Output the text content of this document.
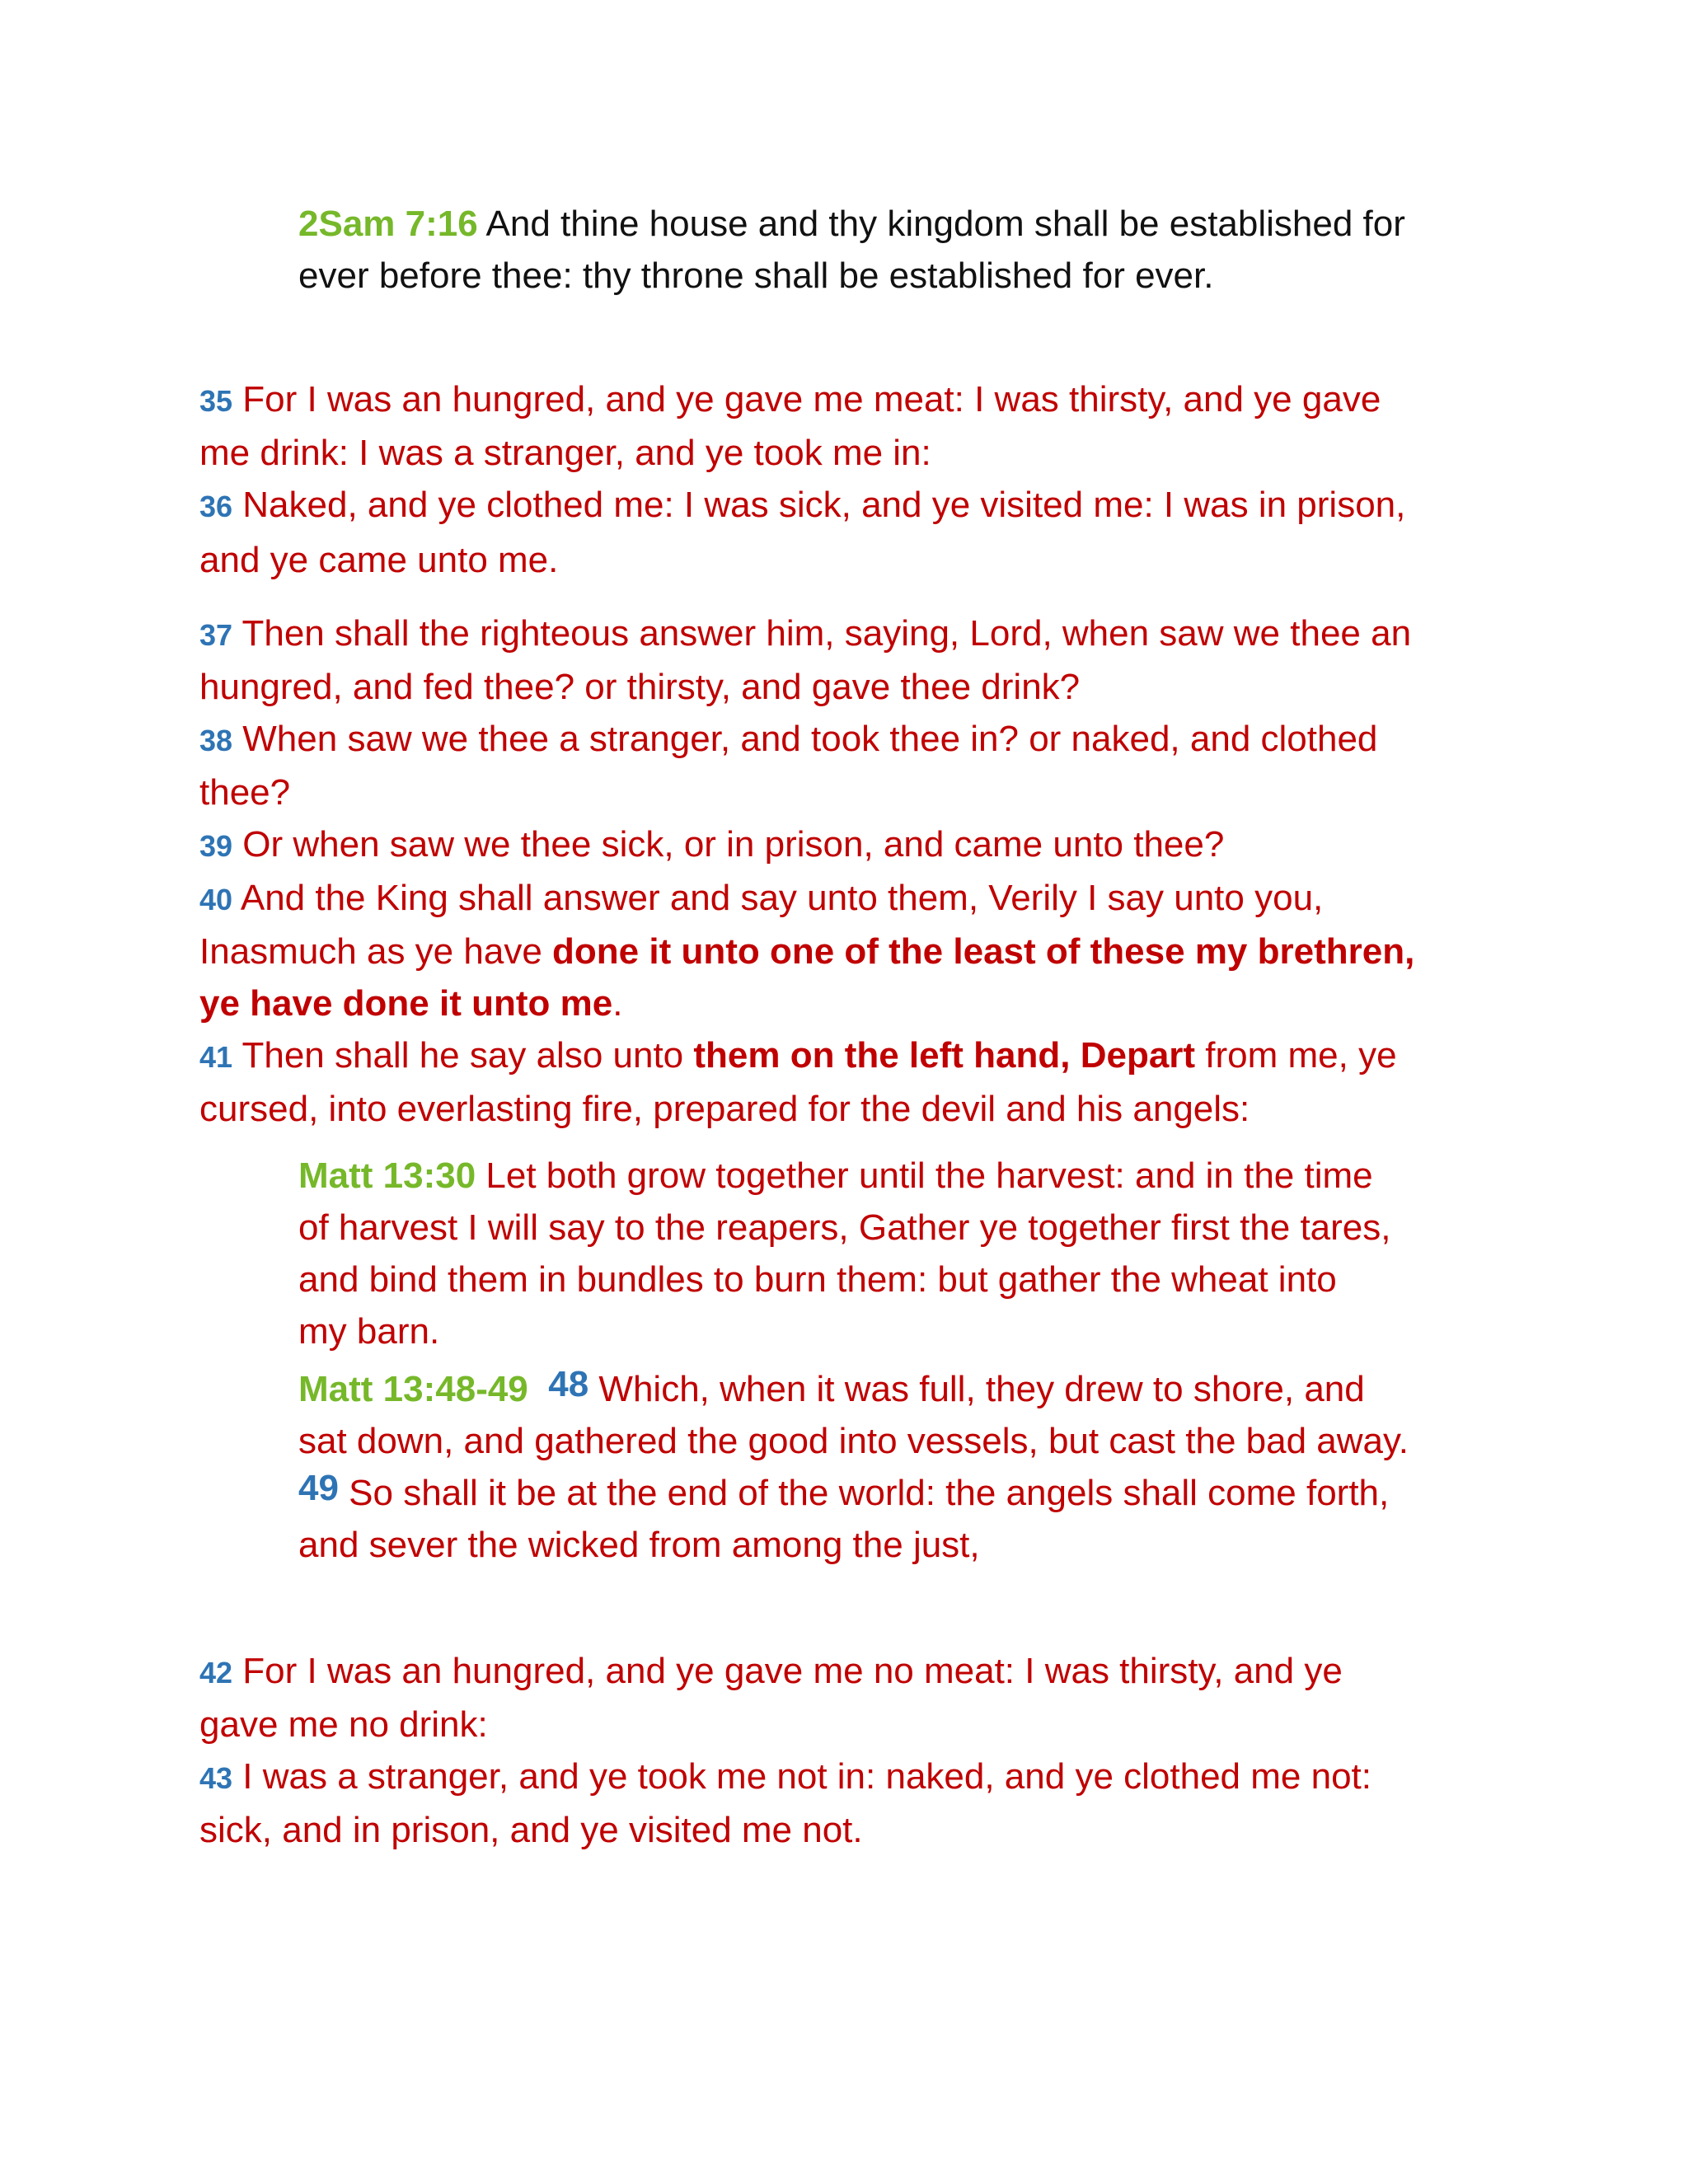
2Sam 7:16 And thine house and thy kingdom shall be established for
ever before thee: thy throne shall be established for ever.
35 For I was an hungred, and ye gave me meat: I was thirsty, and ye gave
me drink: I was a stranger, and ye took me in:
36 Naked, and ye clothed me: I was sick, and ye visited me: I was in prison,
and ye came unto me.
37 Then shall the righteous answer him, saying, Lord, when saw we thee an
hungred, and fed thee? or thirsty, and gave thee drink?
38 When saw we thee a stranger, and took thee in? or naked, and clothed
thee?
39 Or when saw we thee sick, or in prison, and came unto thee?
40 And the King shall answer and say unto them, Verily I say unto you,
Inasmuch as ye have done it unto one of the least of these my brethren,
ye have done it unto me.
41 Then shall he say also unto them on the left hand, Depart from me, ye
cursed, into everlasting fire, prepared for the devil and his angels:
Matt 13:30 Let both grow together until the harvest: and in the time
of harvest I will say to the reapers, Gather ye together first the tares,
and bind them in bundles to burn them: but gather the wheat into
my barn.
Matt 13:48-49 48 Which, when it was full, they drew to shore, and
sat down, and gathered the good into vessels, but cast the bad away.
49 So shall it be at the end of the world: the angels shall come forth,
and sever the wicked from among the just,
42 For I was an hungred, and ye gave me no meat: I was thirsty, and ye
gave me no drink:
43 I was a stranger, and ye took me not in: naked, and ye clothed me not:
sick, and in prison, and ye visited me not.
